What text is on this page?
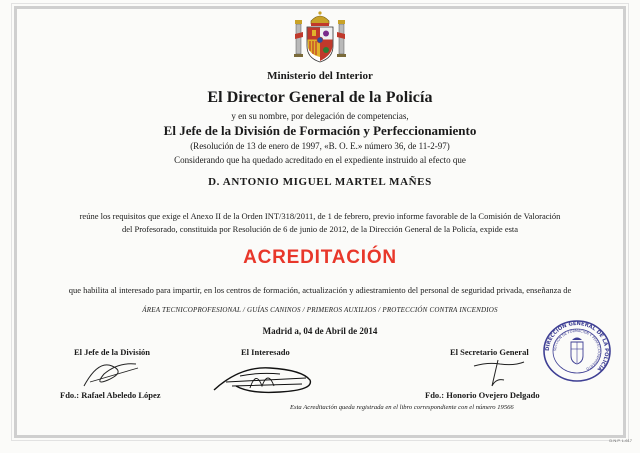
Ministerio del Interior
El Director General de la Policía
y en su nombre, por delegación de competencias,
El Jefe de la División de Formación y Perfeccionamiento
(Resolución de 13 de enero de 1997, «B. O. E.» número 36, de 11-2-97)
Considerando que ha quedado acreditado en el expediente instruido al efecto que
D. ANTONIO MIGUEL MARTEL MAÑES
reúne los requisitos que exige el Anexo II de la Orden INT/318/2011, de 1 de febrero, previo informe favorable de la Comisión de Valoración
del Profesorado, constituida por Resolución de 6 de junio de 2012, de la Dirección General de la Policía, expide esta
ACREDITACIÓN
que habilita al interesado para impartir, en los centros de formación, actualización y adiestramiento del personal de seguridad privada, enseñanza de
ÁREA TECNICOPROFESIONAL / GUÍAS CANINOS / PRIMEROS AUXILIOS / PROTECCIÓN CONTRA INCENDIOS
Madrid a, 04 de Abril de 2014
El Jefe de la División	El Interesado	El Secretario General	DIRECCIÓN GENERAL DE LA POLICÍA
SECCIÓN DE FORMACIÓN Y PERFECCIONAMIENTO
Fdo.: Rafael Abeledo López	Fdo.: Honorio Ovejero Delgado
Esta Acreditación queda registrada en el libro correspondiente con el número 19566
D.N.P. L-617
